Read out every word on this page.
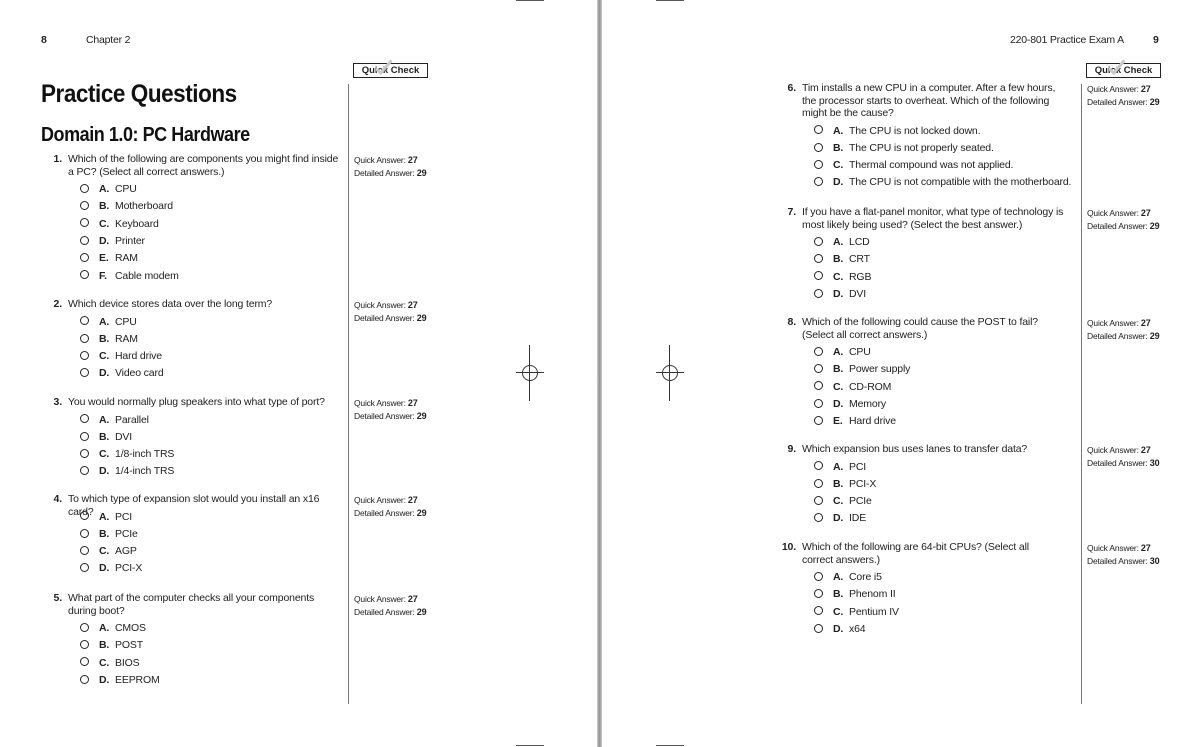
8	Chapter 2
Quick Check
Practice Questions
Domain 1.0: PC Hardware
1. Which of the following are components you might find inside a PC? (Select all correct answers.)
Quick Answer: 27
Detailed Answer: 29
A. CPU
B. Motherboard
C. Keyboard
D. Printer
E. RAM
F. Cable modem
2. Which device stores data over the long term?	Quick Answer: 27
Detailed Answer: 29
A. CPU
B. RAM
C. Hard drive
D. Video card
3. You would normally plug speakers into what type of port?	Quick Answer: 27
Detailed Answer: 29
A. Parallel
B. DVI
C. 1/8-inch TRS
D. 1/4-inch TRS
4. To which type of expansion slot would you install an x16 card?
Quick Answer: 27
Detailed Answer: 29
A. PCI
B. PCIe
C. AGP
D. PCI-X
5. What part of the computer checks all your components during boot?
Quick Answer: 27
Detailed Answer: 29
A. CMOS
B. POST
C. BIOS
D. EEPROM
220-801 Practice Exam A	9
Quick Check
6. Tim installs a new CPU in a computer. After a few hours, the processor starts to overheat. Which of the following might be the cause?
Quick Answer: 27
Detailed Answer: 29
A. The CPU is not locked down.
B. The CPU is not properly seated.
C. Thermal compound was not applied.
D. The CPU is not compatible with the motherboard.
7. If you have a flat-panel monitor, what type of technology is most likely being used? (Select the best answer.)
Quick Answer: 27
Detailed Answer: 29
A. LCD
B. CRT
C. RGB
D. DVI
8. Which of the following could cause the POST to fail? (Select all correct answers.)
Quick Answer: 27
Detailed Answer: 29
A. CPU
B. Power supply
C. CD-ROM
D. Memory
E. Hard drive
9. Which expansion bus uses lanes to transfer data?	Quick Answer: 27
Detailed Answer: 30
A. PCI
B. PCI-X
C. PCIe
D. IDE
10. Which of the following are 64-bit CPUs? (Select all correct answers.)
Quick Answer: 27
Detailed Answer: 30
A. Core i5
B. Phenom II
C. Pentium IV
D. x64
